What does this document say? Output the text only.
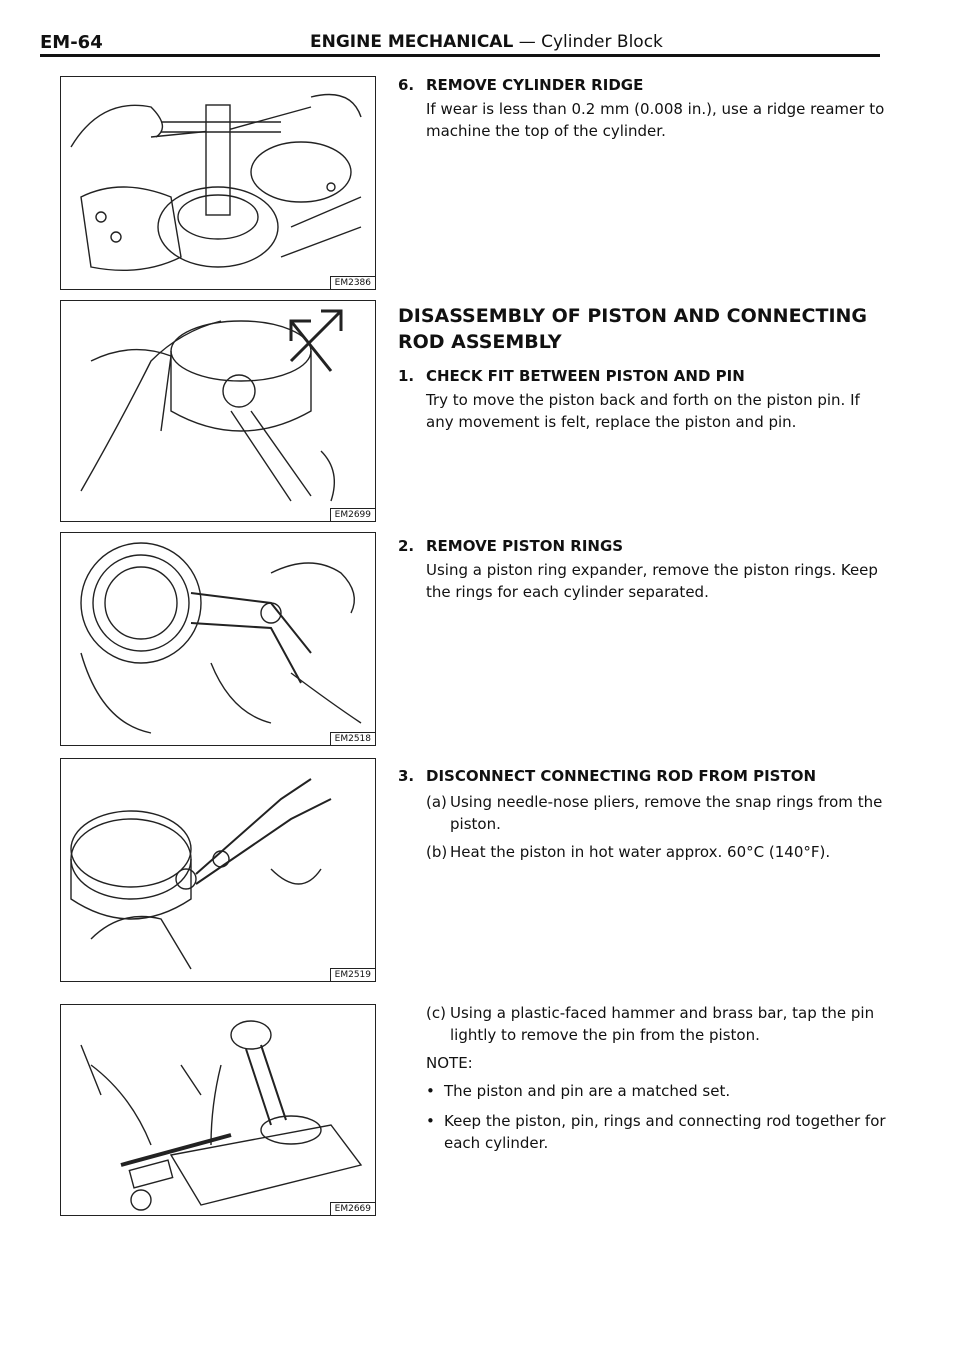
EM-64	ENGINE MECHANICAL — Cylinder Block
EM2386
EM2699
EM2518
EM2519
EM2669
6. REMOVE CYLINDER RIDGE
If wear is less than 0.2 mm (0.008 in.), use a ridge reamer to machine the top of the cylinder.
DISASSEMBLY OF PISTON AND CONNECTING ROD ASSEMBLY
1. CHECK FIT BETWEEN PISTON AND PIN
Try to move the piston back and forth on the piston pin. If any movement is felt, replace the piston and pin.
2. REMOVE PISTON RINGS
Using a piston ring expander, remove the piston rings. Keep the rings for each cylinder separated.
3. DISCONNECT CONNECTING ROD FROM PISTON
(a) Using needle-nose pliers, remove the snap rings from the piston.
(b) Heat the piston in hot water approx. 60°C (140°F).
(c) Using a plastic-faced hammer and brass bar, tap the pin lightly to remove the pin from the piston.
NOTE:
• The piston and pin are a matched set.
• Keep the piston, pin, rings and connecting rod together for each cylinder.
